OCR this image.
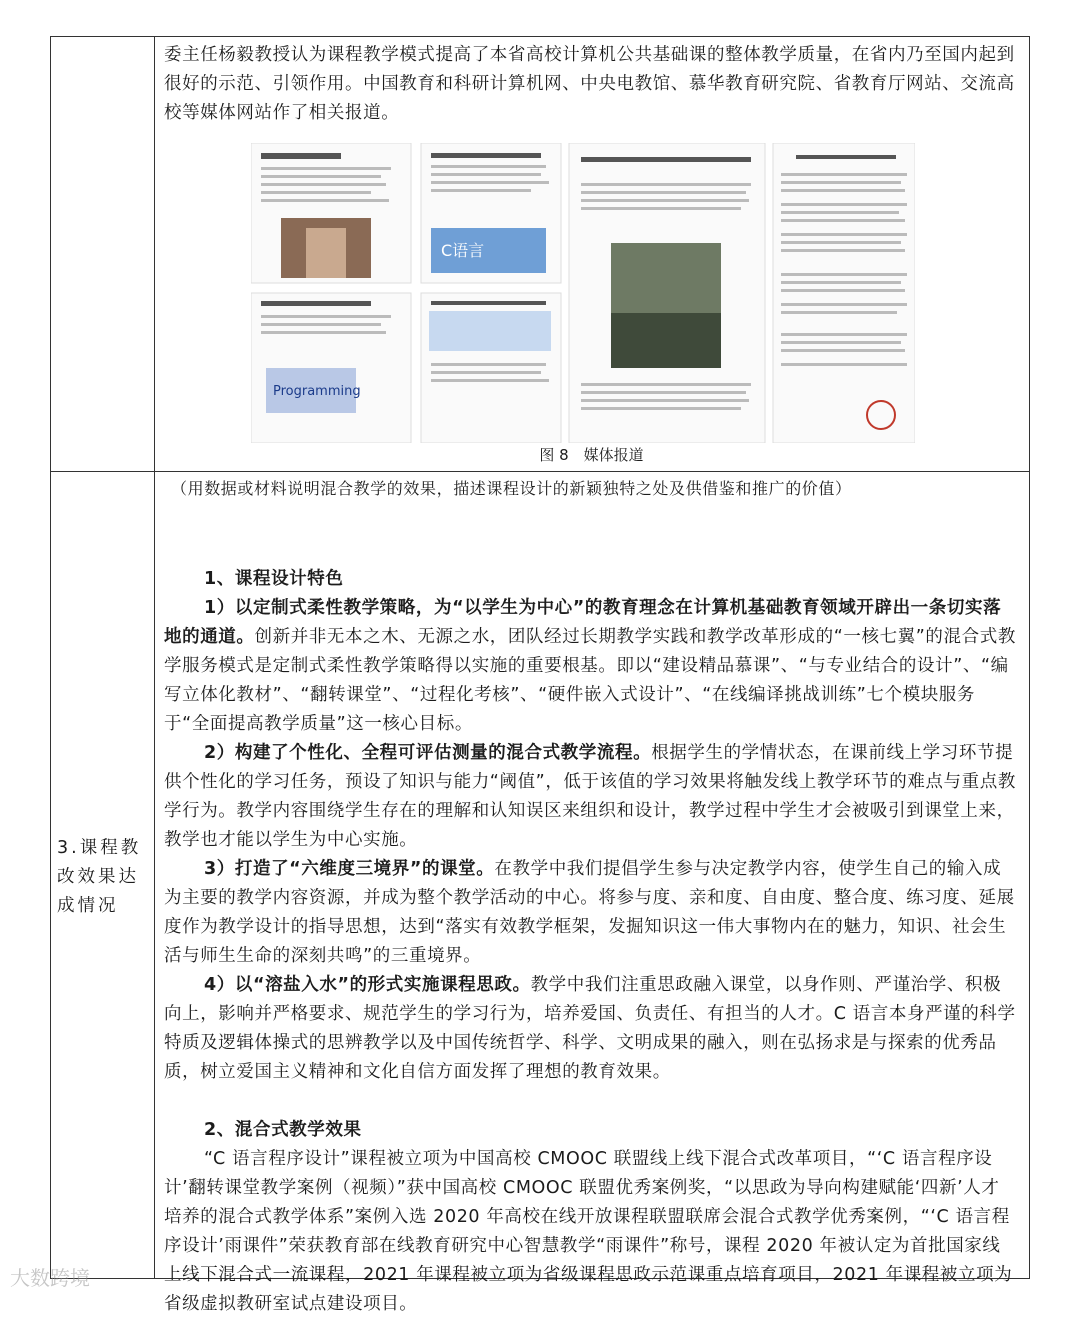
委主任杨毅教授认为课程教学模式提高了本省高校计算机公共基础课的整体教学质量，在省内乃至国内起到很好的示范、引领作用。中国教育和科研计算机网、中央电教馆、慕华教育研究院、省教育厅网站、交流高校等媒体网站作了相关报道。
Programming
C语言
图 8　媒体报道
3.课程教改效果达成情况
（用数据或材料说明混合教学的效果，描述课程设计的新颖独特之处及供借鉴和推广的价值）

1、课程设计特色

1）以定制式柔性教学策略，为“以学生为中心”的教育理念在计算机基础教育领域开辟出一条切实落地的通道。创新并非无本之木、无源之水，团队经过长期教学实践和教学改革形成的“一核七翼”的混合式教学服务模式是定制式柔性教学策略得以实施的重要根基。即以“建设精品慕课”、“与专业结合的设计”、“编写立体化教材”、“翻转课堂”、“过程化考核”、“硬件嵌入式设计”、“在线编译挑战训练”七个模块服务于“全面提高教学质量”这一核心目标。

2）构建了个性化、全程可评估测量的混合式教学流程。根据学生的学情状态，在课前线上学习环节提供个性化的学习任务，预设了知识与能力“阈值”，低于该值的学习效果将触发线上教学环节的难点与重点教学行为。教学内容围绕学生存在的理解和认知误区来组织和设计，教学过程中学生才会被吸引到课堂上来，教学也才能以学生为中心实施。

3）打造了“六维度三境界”的课堂。在教学中我们提倡学生参与决定教学内容，使学生自己的输入成为主要的教学内容资源，并成为整个教学活动的中心。将参与度、亲和度、自由度、整合度、练习度、延展度作为教学设计的指导思想，达到“落实有效教学框架，发掘知识这一伟大事物内在的魅力，知识、社会生活与师生生命的深刻共鸣”的三重境界。

4）以“溶盐入水”的形式实施课程思政。教学中我们注重思政融入课堂，以身作则、严谨治学、积极向上，影响并严格要求、规范学生的学习行为，培养爱国、负责任、有担当的人才。C 语言本身严谨的科学特质及逻辑体操式的思辨教学以及中国传统哲学、科学、文明成果的融入，则在弘扬求是与探索的优秀品质，树立爱国主义精神和文化自信方面发挥了理想的教育效果。

2、混合式教学效果

“C 语言程序设计”课程被立项为中国高校 CMOOC 联盟线上线下混合式改革项目，“‘C 语言程序设计’翻转课堂教学案例（视频）”获中国高校 CMOOC 联盟优秀案例奖，“以思政为导向构建赋能‘四新’人才培养的混合式教学体系”案例入选 2020 年高校在线开放课程联盟联席会混合式教学优秀案例，“‘C 语言程序设计’雨课件”荣获教育部在线教育研究中心智慧教学“雨课件”称号，课程 2020 年被认定为首批国家线上线下混合式一流课程，2021 年课程被立项为省级课程思政示范课重点培育项目，2021 年课程被立项为省级虚拟教研室试点建设项目。

大数跨境
